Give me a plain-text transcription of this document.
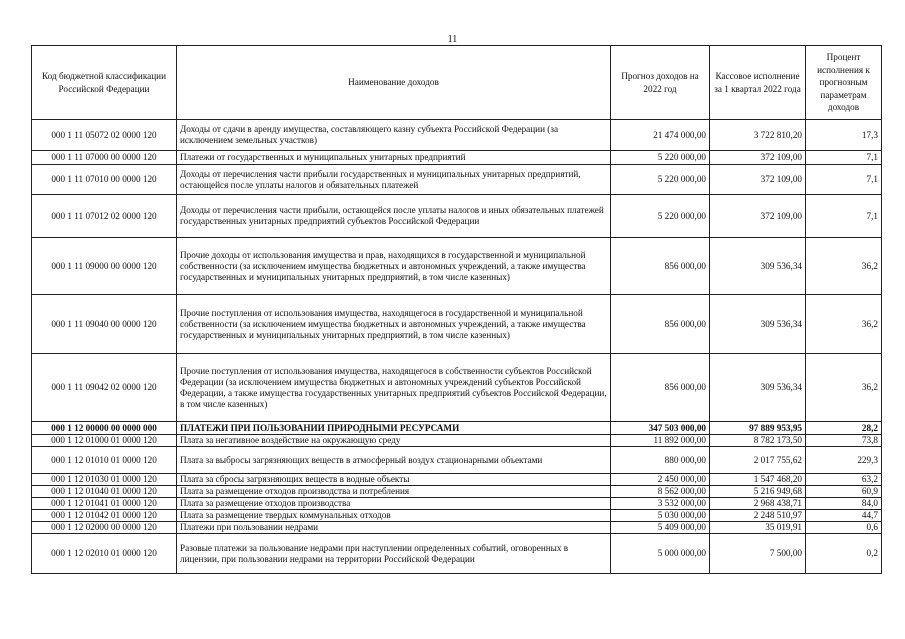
11
Код бюджетной классификации Российской Федерации	Наименование доходов	Прогноз доходов на 2022 год	Кассовое исполнение за 1 квартал 2022 года	Процент исполнения к прогнозным параметрам доходов
000 1 11 05072 02 0000 120	Доходы от сдачи в аренду имущества, составляющего казну субъекта Российской Федерации (за исключением земельных участков)	21 474 000,00	3 722 810,20	17,3
000 1 11 07000 00 0000 120	Платежи от государственных и муниципальных унитарных предприятий	5 220 000,00	372 109,00	7,1
000 1 11 07010 00 0000 120	Доходы от перечисления части прибыли государственных и муниципальных унитарных предприятий, остающейся после уплаты налогов и обязательных платежей	5 220 000,00	372 109,00	7,1
000 1 11 07012 02 0000 120	Доходы от перечисления части прибыли, остающейся после уплаты налогов и иных обязательных платежей государственных унитарных предприятий субъектов Российской Федерации	5 220 000,00	372 109,00	7,1
000 1 11 09000 00 0000 120	Прочие доходы от использования имущества и прав, находящихся в государственной и муниципальной собственности (за исключением имущества бюджетных и автономных учреждений, а также имущества государственных и муниципальных унитарных предприятий, в том числе казенных)	856 000,00	309 536,34	36,2
000 1 11 09040 00 0000 120	Прочие поступления от использования имущества, находящегося в государственной и муниципальной собственности (за исключением имущества бюджетных и автономных учреждений, а также имущества государственных и муниципальных унитарных предприятий, в том числе казенных)	856 000,00	309 536,34	36,2
000 1 11 09042 02 0000 120	Прочие поступления от использования имущества, находящегося в собственности субъектов Российской Федерации (за исключением имущества бюджетных и автономных учреждений субъектов Российской Федерации, а также имущества государственных унитарных предприятий субъектов Российской Федерации, в том числе казенных)	856 000,00	309 536,34	36,2
000 1 12 00000 00 0000 000	ПЛАТЕЖИ ПРИ ПОЛЬЗОВАНИИ ПРИРОДНЫМИ РЕСУРСАМИ	347 503 000,00	97 889 953,95	28,2
000 1 12 01000 01 0000 120	Плата за негативное воздействие на окружающую среду	11 892 000,00	8 782 173,50	73,8
000 1 12 01010 01 0000 120	Плата за выбросы загрязняющих веществ в атмосферный воздух стационарными объектами	880 000,00	2 017 755,62	229,3
000 1 12 01030 01 0000 120	Плата за сбросы загрязняющих веществ в водные объекты	2 450 000,00	1 547 468,20	63,2
000 1 12 01040 01 0000 120	Плата за размещение отходов производства и потребления	8 562 000,00	5 216 949,68	60,9
000 1 12 01041 01 0000 120	Плата за размещение отходов производства	3 532 000,00	2 968 438,71	84,0
000 1 12 01042 01 0000 120	Плата за размещение твердых коммунальных отходов	5 030 000,00	2 248 510,97	44,7
000 1 12 02000 00 0000 120	Платежи при пользовании недрами	5 409 000,00	35 019,91	0,6
000 1 12 02010 01 0000 120	Разовые платежи за пользование недрами при наступлении определенных событий, оговоренных в лицензии, при пользовании недрами на территории Российской Федерации	5 000 000,00	7 500,00	0,2
